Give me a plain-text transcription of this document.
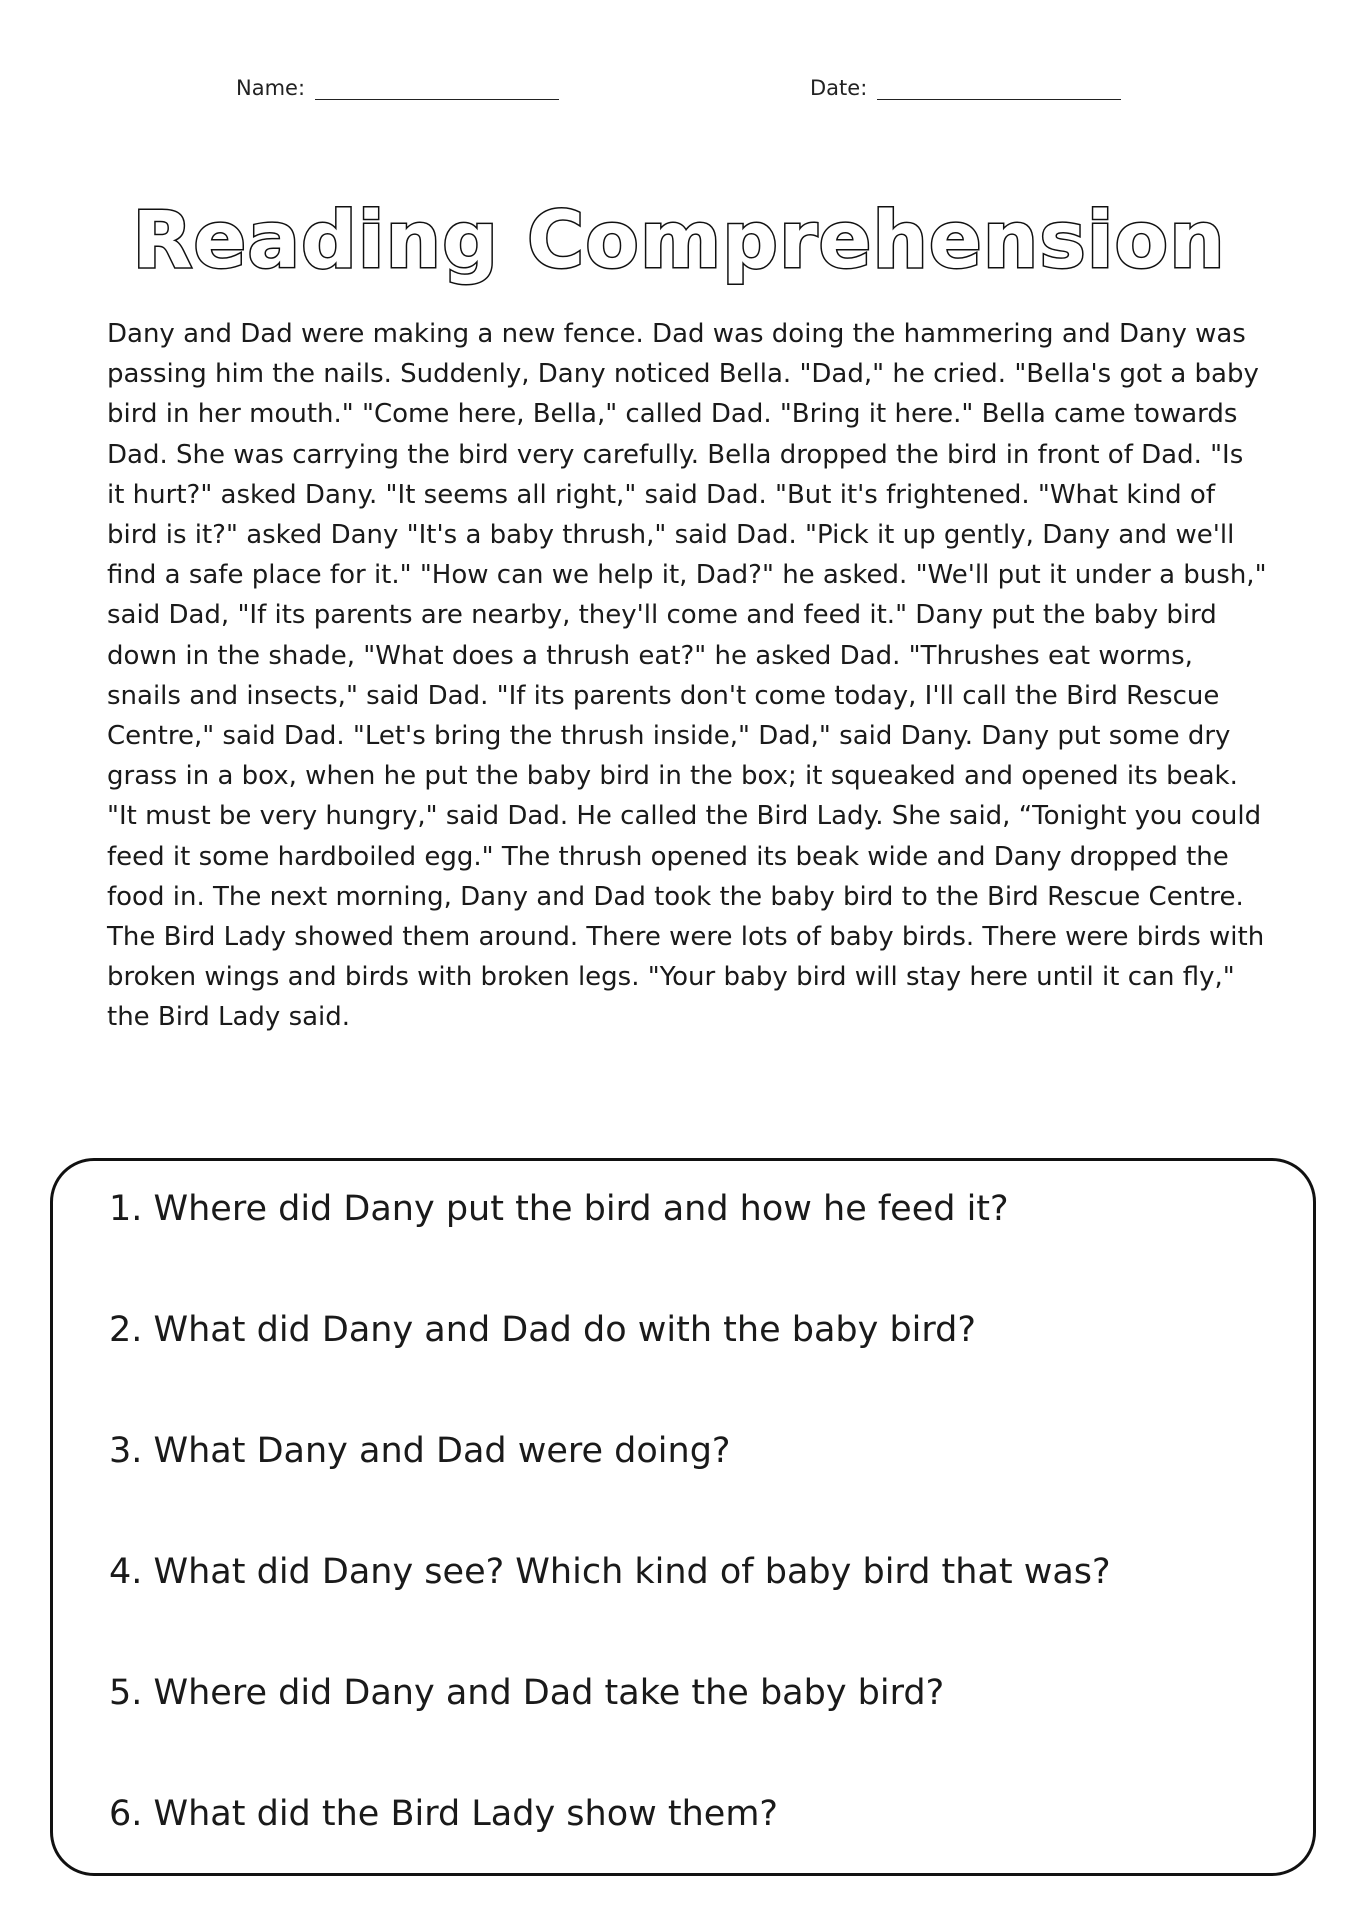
Name:	Date:
Reading Comprehension

Dany and Dad were making a new fence. Dad was doing the hammering and Dany was passing him the nails. Suddenly, Dany noticed Bella. "Dad," he cried. "Bella's got a baby bird in her mouth." "Come here, Bella," called Dad. "Bring it here." Bella came towards Dad. She was carrying the bird very carefully. Bella dropped the bird in front of Dad. "Is it hurt?" asked Dany. "It seems all right," said Dad. "But it's frightened. "What kind of bird is it?" asked Dany "It's a baby thrush," said Dad. "Pick it up gently, Dany and we'll find a safe place for it." "How can we help it, Dad?" he asked. "We'll put it under a bush," said Dad, "If its parents are nearby, they'll come and feed it." Dany put the baby bird down in the shade, "What does a thrush eat?" he asked Dad. "Thrushes eat worms, snails and insects," said Dad. "If its parents don't come today, I'll call the Bird Rescue Centre," said Dad. "Let's bring the thrush inside," Dad," said Dany. Dany put some dry grass in a box, when he put the baby bird in the box; it squeaked and opened its beak. "It must be very hungry," said Dad. He called the Bird Lady. She said, “Tonight you could feed it some hardboiled egg." The thrush opened its beak wide and Dany dropped the food in. The next morning, Dany and Dad took the baby bird to the Bird Rescue Centre. The Bird Lady showed them around. There were lots of baby birds. There were birds with broken wings and birds with broken legs. "Your baby bird will stay here until it can fly," the Bird Lady said.

1. Where did Dany put the bird and how he feed it?

2. What did Dany and Dad do with the baby bird?

3. What Dany and Dad were doing?

4. What did Dany see? Which kind of baby bird that was?

5. Where did Dany and Dad take the baby bird?

6. What did the Bird Lady show them?
